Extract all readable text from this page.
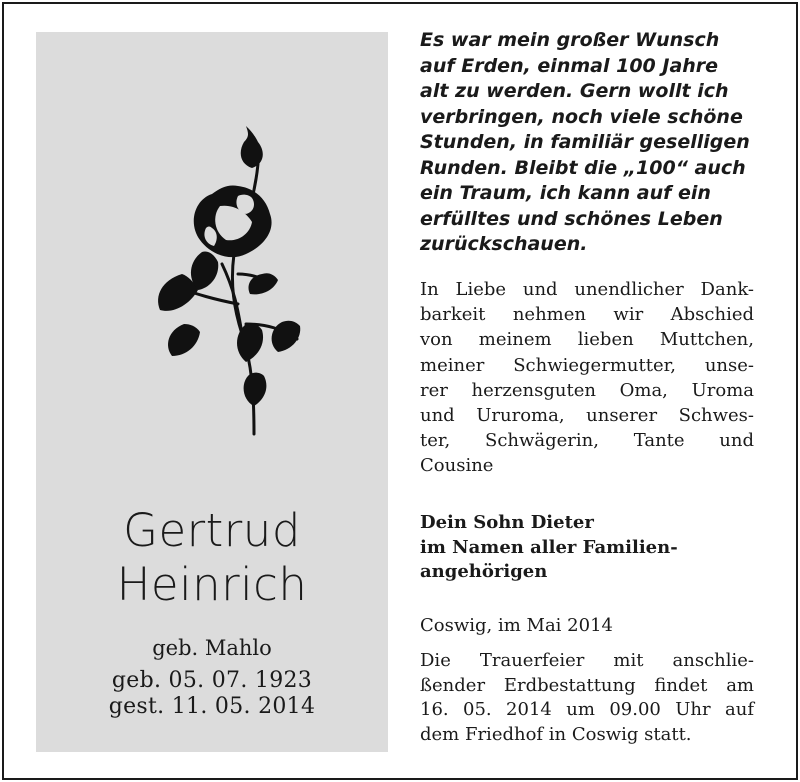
Gertrud
Heinrich
geb. Mahlo
geb. 05. 07. 1923
gest. 11. 05. 2014
Es war mein großer Wunsch
auf Erden, einmal 100 Jahre
alt zu werden. Gern wollt ich
verbringen, noch viele schöne
Stunden, in familiär geselligen
Runden. Bleibt die „100“ auch
ein Traum, ich kann auf ein
erfülltes und schönes Leben
zurückschauen.
In Liebe und unendlicher Dank-
barkeit nehmen wir Abschied
von meinem lieben Muttchen,
meiner Schwiegermutter, unse-
rer herzensguten Oma, Uroma
und Ururoma, unserer Schwes-
ter, Schwägerin, Tante und
Cousine
Dein Sohn Dieter
im Namen aller Familien-
angehörigen
Coswig, im Mai 2014
Die Trauerfeier mit anschlie-
ßender Erdbestattung findet am
16. 05. 2014 um 09.00 Uhr auf
dem Friedhof in Coswig statt.
